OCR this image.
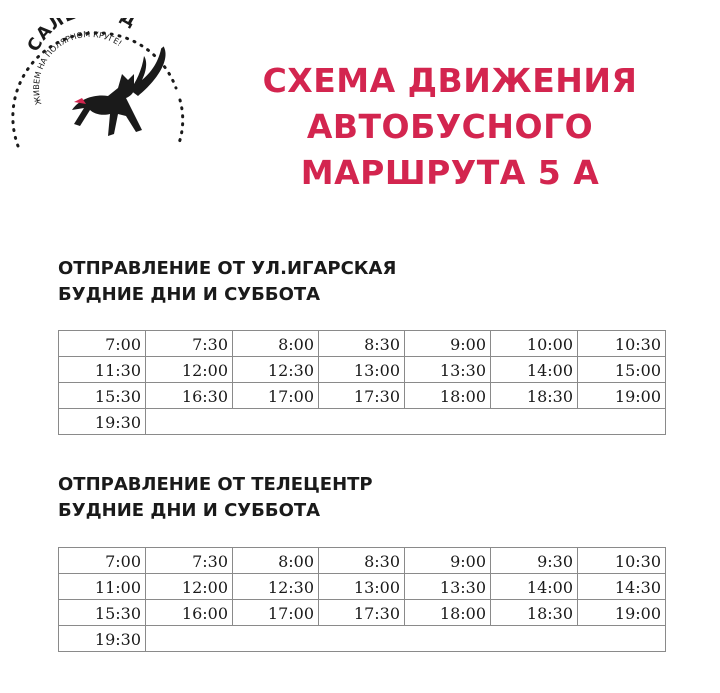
САЛ Д
ЖИВЕМ НА ПОЛЯРНОМ КРУГЕ!
СХЕМА ДВИЖЕНИЯ
АВТОБУСНОГО
МАРШРУТА 5 А
ОТПРАВЛЕНИЕ ОТ УЛ.ИГАРСКАЯ
БУДНИЕ ДНИ И СУББОТА
7:00	7:30	8:00	8:30	9:00	10:00	10:30
11:30	12:00	12:30	13:00	13:30	14:00	15:00
15:30	16:30	17:00	17:30	18:00	18:30	19:00
19:30						
ОТПРАВЛЕНИЕ ОТ ТЕЛЕЦЕНТР
БУДНИЕ ДНИ И СУББОТА
7:00	7:30	8:00	8:30	9:00	9:30	10:30
11:00	12:00	12:30	13:00	13:30	14:00	14:30
15:30	16:00	17:00	17:30	18:00	18:30	19:00
19:30						
